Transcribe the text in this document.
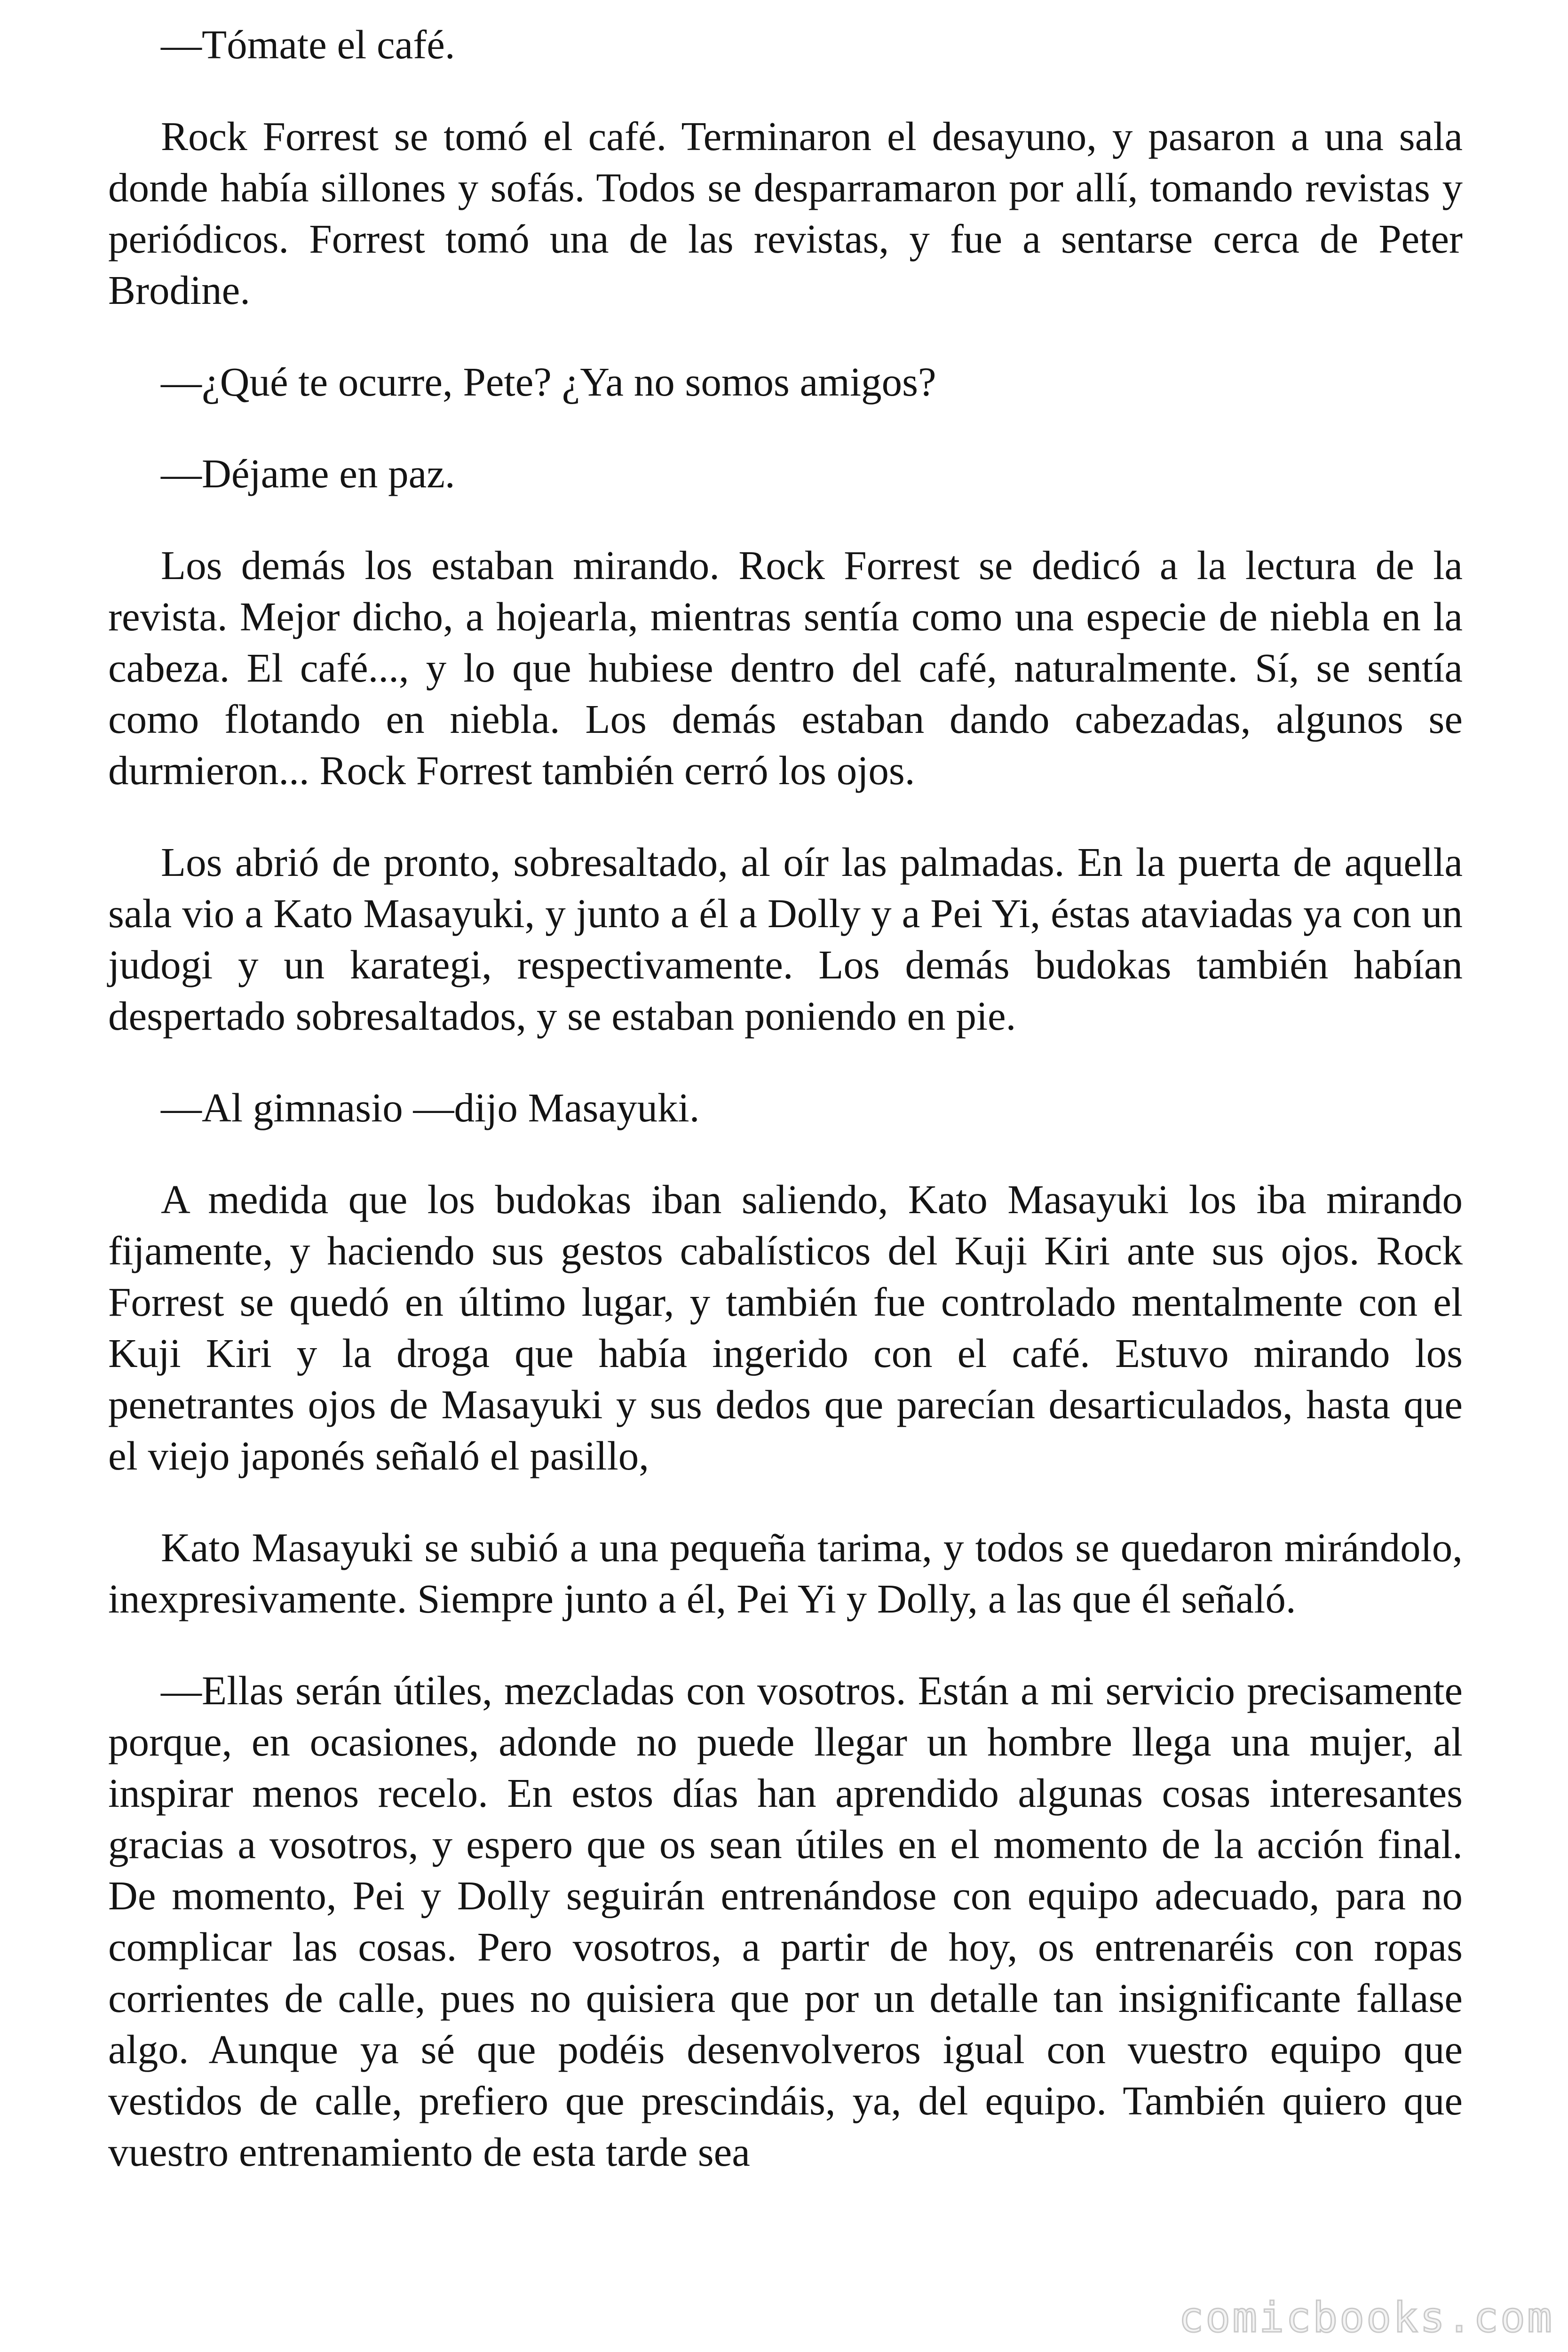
—Tómate el café.

Rock Forrest se tomó el café. Terminaron el desayuno, y pasaron a una sala donde había sillones y sofás. Todos se desparramaron por allí, tomando revistas y periódicos. Forrest tomó una de las revistas, y fue a sentarse cerca de Peter Brodine.

—¿Qué te ocurre, Pete? ¿Ya no somos amigos?

—Déjame en paz.

Los demás los estaban mirando. Rock Forrest se dedicó a la lectura de la revista. Mejor dicho, a hojearla, mientras sentía como una especie de niebla en la cabeza. El café..., y lo que hubiese dentro del café, naturalmente. Sí, se sentía como flotando en niebla. Los demás estaban dando cabezadas, algunos se durmieron... Rock Forrest también cerró los ojos.

Los abrió de pronto, sobresaltado, al oír las palmadas. En la puerta de aquella sala vio a Kato Masayuki, y junto a él a Dolly y a Pei Yi, éstas ataviadas ya con un judogi y un karategi, respectivamente. Los demás budokas también habían despertado sobresaltados, y se estaban poniendo en pie.

—Al gimnasio —dijo Masayuki.

A medida que los budokas iban saliendo, Kato Masayuki los iba mirando fijamente, y haciendo sus gestos cabalísticos del Kuji Kiri ante sus ojos. Rock Forrest se quedó en último lugar, y también fue controlado mentalmente con el Kuji Kiri y la droga que había ingerido con el café. Estuvo mirando los penetrantes ojos de Masayuki y sus dedos que parecían desarticulados, hasta que el viejo japonés señaló el pasillo,

Kato Masayuki se subió a una pequeña tarima, y todos se quedaron mirándolo, inexpresivamente. Siempre junto a él, Pei Yi y Dolly, a las que él señaló.

—Ellas serán útiles, mezcladas con vosotros. Están a mi servicio precisamente porque, en ocasiones, adonde no puede llegar un hombre llega una mujer, al inspirar menos recelo. En estos días han aprendido algunas cosas interesantes gracias a vosotros, y espero que os sean útiles en el momento de la acción final. De momento, Pei y Dolly seguirán entrenándose con equipo adecuado, para no complicar las cosas. Pero vosotros, a partir de hoy, os entrenaréis con ropas corrientes de calle, pues no quisiera que por un detalle tan insignificante fallase algo. Aunque ya sé que podéis desenvolveros igual con vuestro equipo que vestidos de calle, prefiero que prescindáis, ya, del equipo. También quiero que vuestro entrenamiento de esta tarde sea

comicbooks.com
